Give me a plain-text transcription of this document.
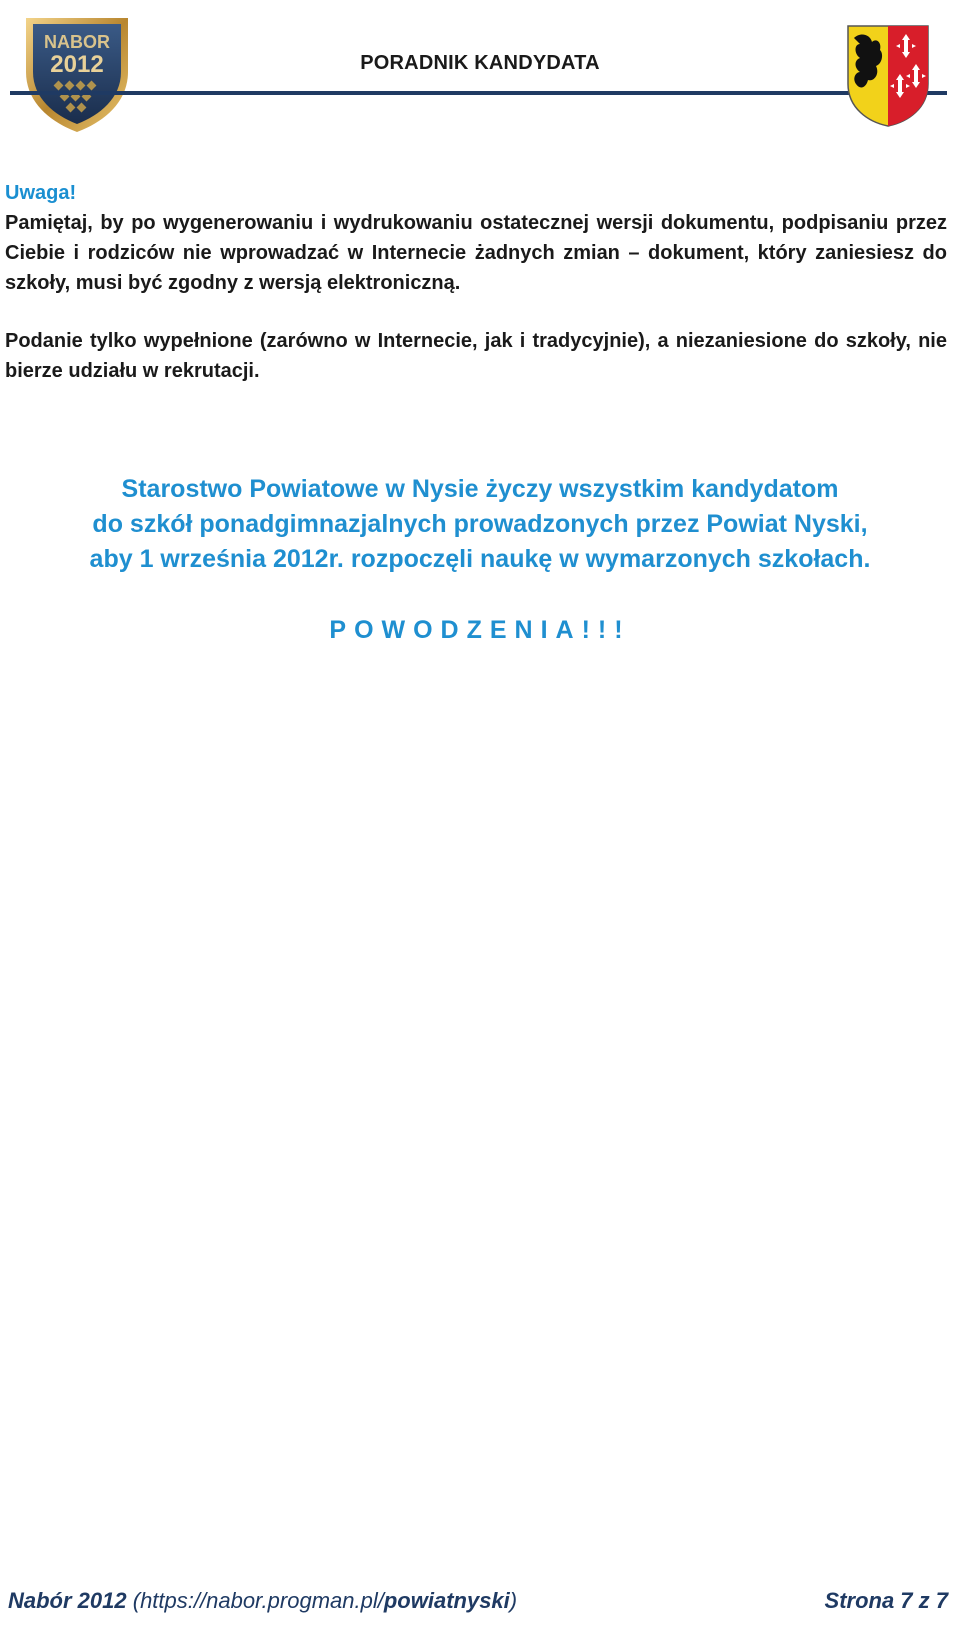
NABOR
2012	PORADNIK KANDYDATA
Uwaga!

Pamiętaj, by po wygenerowaniu i wydrukowaniu ostatecznej wersji dokumentu, podpisaniu przez Ciebie i rodziców nie wprowadzać w Internecie żadnych zmian – dokument, który zaniesiesz do szkoły, musi być zgodny z wersją elektroniczną.

Podanie tylko wypełnione (zarówno w Internecie, jak i tradycyjnie), a niezaniesione do szkoły, nie bierze udziału w rekrutacji.

Starostwo Powiatowe w Nysie życzy wszystkim kandydatom
do szkół ponadgimnazjalnych prowadzonych przez Powiat Nyski,
aby 1 września 2012r. rozpoczęli naukę w wymarzonych szkołach.
POWODZENIA!!!
Nabór 2012 (https://nabor.progman.pl/powiatnyski)	Strona 7 z 7
